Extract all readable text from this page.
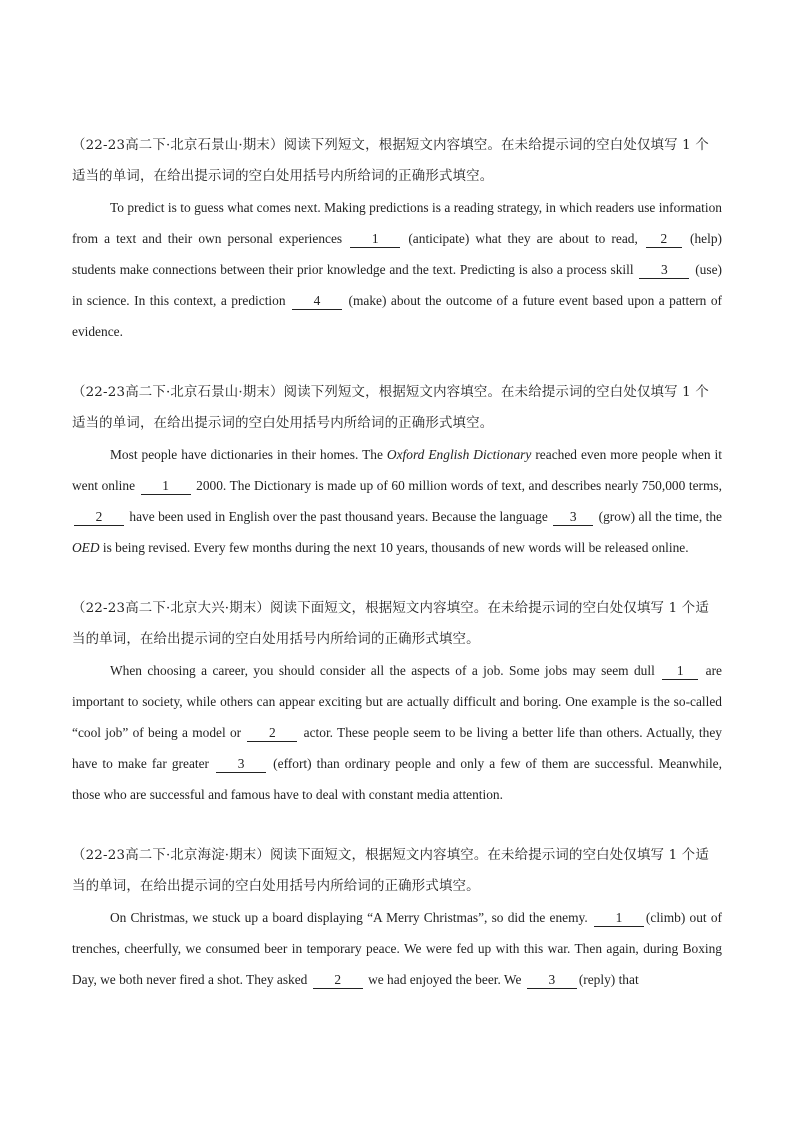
（22-23高二下·北京石景山·期末）阅读下列短文，根据短文内容填空。在未给提示词的空白处仅填写 1 个适当的单词，在给出提示词的空白处用括号内所给词的正确形式填空。

To predict is to guess what comes next. Making predictions is a reading strategy, in which readers use information from a text and their own personal experiences 1 (anticipate) what they are about to read, 2 (help) students make connections between their prior knowledge and the text. Predicting is also a process skill 3 (use) in science. In this context, a prediction 4 (make) about the outcome of a future event based upon a pattern of evidence.

（22-23高二下·北京石景山·期末）阅读下列短文，根据短文内容填空。在未给提示词的空白处仅填写 1 个适当的单词，在给出提示词的空白处用括号内所给词的正确形式填空。

Most people have dictionaries in their homes. The Oxford English Dictionary reached even more people when it went online 1 2000. The Dictionary is made up of 60 million words of text, and describes nearly 750,000 terms, 2 have been used in English over the past thousand years. Because the language 3 (grow) all the time, the OED is being revised. Every few months during the next 10 years, thousands of new words will be released online.

（22-23高二下·北京大兴·期末）阅读下面短文，根据短文内容填空。在未给提示词的空白处仅填写 1 个适当的单词，在给出提示词的空白处用括号内所给词的正确形式填空。

When choosing a career, you should consider all the aspects of a job. Some jobs may seem dull 1 are important to society, while others can appear exciting but are actually difficult and boring. One example is the so-called “cool job” of being a model or 2 actor. These people seem to be living a better life than others. Actually, they have to make far greater 3 (effort) than ordinary people and only a few of them are successful. Meanwhile, those who are successful and famous have to deal with constant media attention.

（22-23高二下·北京海淀·期末）阅读下面短文，根据短文内容填空。在未给提示词的空白处仅填写 1 个适当的单词，在给出提示词的空白处用括号内所给词的正确形式填空。

On Christmas, we stuck up a board displaying “A Merry Christmas”, so did the enemy. 1 (climb) out of trenches, cheerfully, we consumed beer in temporary peace. We were fed up with this war. Then again, during Boxing Day, we both never fired a shot. They asked 2 we had enjoyed the beer. We 3 (reply) that
